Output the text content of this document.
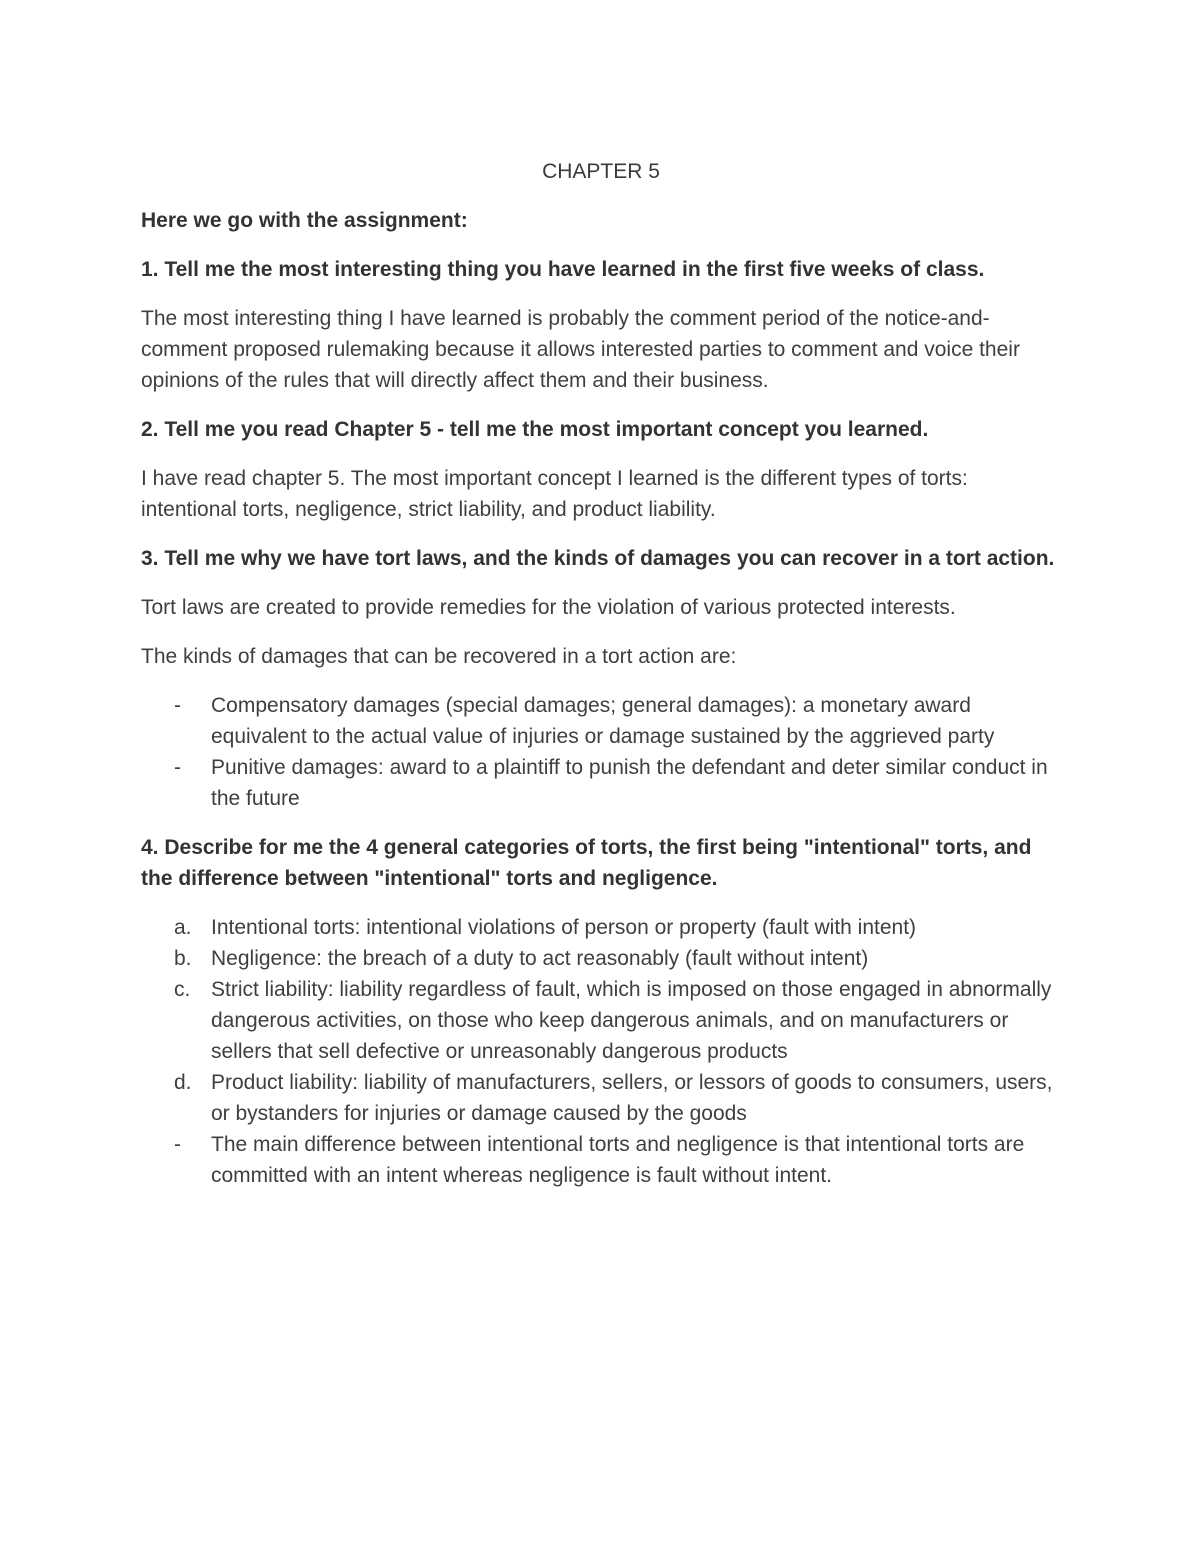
CHAPTER 5
Here we go with the assignment:
1. Tell me the most interesting thing you have learned in the first five weeks of class.
The most interesting thing I have learned is probably the comment period of the notice-and-comment proposed rulemaking because it allows interested parties to comment and voice their opinions of the rules that will directly affect them and their business.
2. Tell me you read Chapter 5 - tell me the most important concept you learned.
I have read chapter 5. The most important concept I learned is the different types of torts: intentional torts, negligence, strict liability, and product liability.
3. Tell me why we have tort laws, and the kinds of damages you can recover in a tort action.
Tort laws are created to provide remedies for the violation of various protected interests.
The kinds of damages that can be recovered in a tort action are:
- Compensatory damages (special damages; general damages): a monetary award equivalent to the actual value of injuries or damage sustained by the aggrieved party
- Punitive damages: award to a plaintiff to punish the defendant and deter similar conduct in the future
4. Describe for me the 4 general categories of torts, the first being "intentional" torts, and the difference between "intentional" torts and negligence.
a. Intentional torts: intentional violations of person or property (fault with intent)
b. Negligence: the breach of a duty to act reasonably (fault without intent)
c. Strict liability: liability regardless of fault, which is imposed on those engaged in abnormally dangerous activities, on those who keep dangerous animals, and on manufacturers or sellers that sell defective or unreasonably dangerous products
d. Product liability: liability of manufacturers, sellers, or lessors of goods to consumers, users, or bystanders for injuries or damage caused by the goods
- The main difference between intentional torts and negligence is that intentional torts are committed with an intent whereas negligence is fault without intent.
